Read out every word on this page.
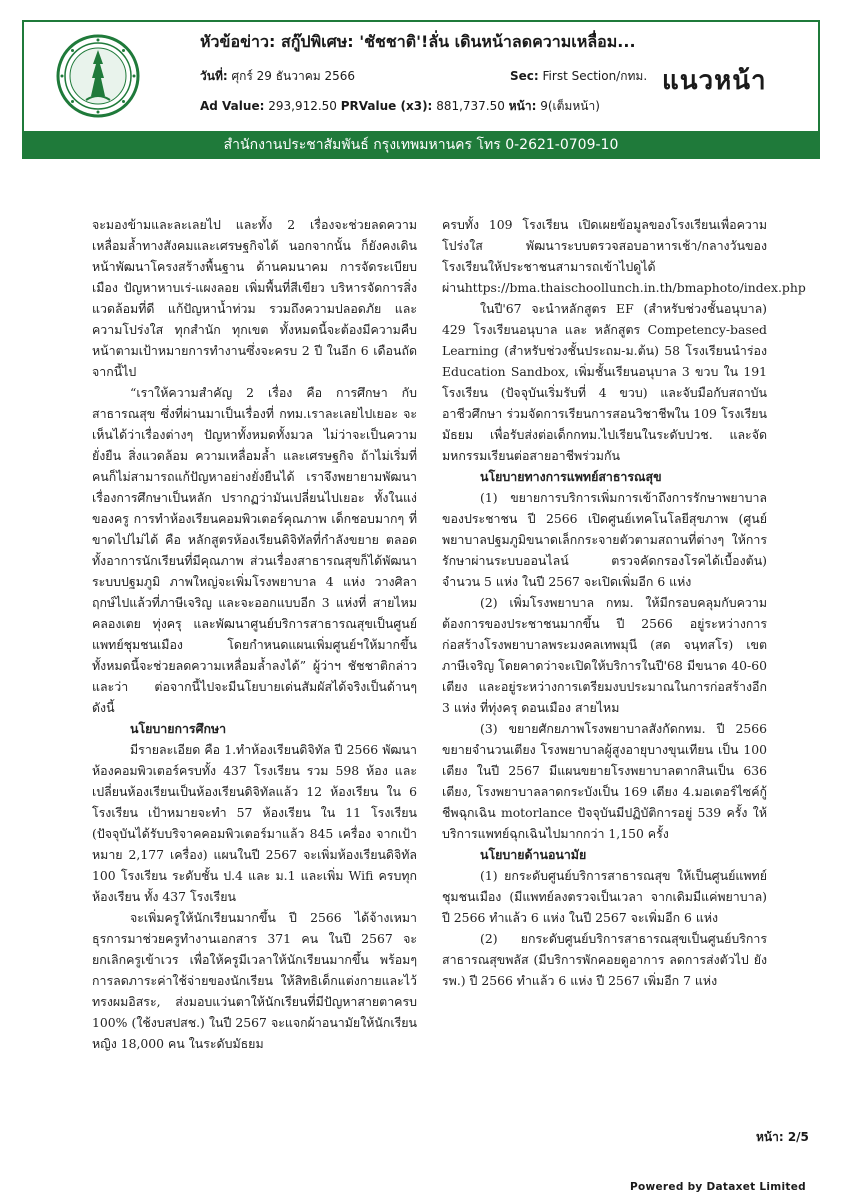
หัวข้อข่าว: สกู๊ปพิเศษ: 'ชัชชาติ'!ลั่น เดินหน้าลดความเหลื่อม...
วันที่: ศุกร์ 29 ธันวาคม 2566	Sec: First Section/กทม.
Ad Value: 293,912.50 PRValue (x3): 881,737.50 หน้า: 9(เต็มหน้า)
แนวหน้า
สำนักงานประชาสัมพันธ์ กรุงเทพมหานคร โทร 0-2621-0709-10

จะมองข้ามและละเลยไป และทั้ง 2 เรื่องจะช่วยลดความเหลื่อมล้ำทางสังคมและเศรษฐกิจได้ นอกจากนั้น ก็ยังคงเดินหน้าพัฒนาโครงสร้างพื้นฐาน ด้านคมนาคม การจัดระเบียบเมือง ปัญหาหาบเร่-แผงลอย เพิ่มพื้นที่สีเขียว บริหารจัดการสิ่งแวดล้อมที่ดี แก้ปัญหาน้ำท่วม รวมถึงความปลอดภัย และความโปร่งใส ทุกสำนัก ทุกเขต ทั้งหมดนี้จะต้องมีความคืบหน้าตามเป้าหมายการทำงานซึ่งจะครบ 2 ปี ในอีก 6 เดือนถัดจากนี้ไป

“เราให้ความสำคัญ 2 เรื่อง คือ การศึกษา กับสาธารณสุข ซึ่งที่ผ่านมาเป็นเรื่องที่ กทม.เราละเลยไปเยอะ จะเห็นได้ว่าเรื่องต่างๆ ปัญหาทั้งหมดทั้งมวล ไม่ว่าจะเป็นความยั่งยืน สิ่งแวดล้อม ความเหลื่อมล้ำ และเศรษฐกิจ ถ้าไม่เริ่มที่คนก็ไม่สามารถแก้ปัญหาอย่างยั่งยืนได้ เราจึงพยายามพัฒนาเรื่องการศึกษาเป็นหลัก ปรากฏว่ามันเปลี่ยนไปเยอะ ทั้งในแง่ของครู การทำห้องเรียนคอมพิวเตอร์คุณภาพ เด็กชอบมากๆ ที่ขาดไปไม่ได้ คือ หลักสูตรห้องเรียนดิจิทัลที่กำลังขยาย ตลอดทั้งอาการนักเรียนที่มีคุณภาพ ส่วนเรื่องสาธารณสุขก็ได้พัฒนาระบบปฐมภูมิ ภาพใหญ่จะเพิ่มโรงพยาบาล 4 แห่ง วางศิลาฤกษ์ไปแล้วที่ภาษีเจริญ และจะออกแบบอีก 3 แห่งที่ สายไหม คลองเตย ทุ่งครุ และพัฒนาศูนย์บริการสาธารณสุขเป็นศูนย์แพทย์ชุมชนเมือง โดยกำหนดแผนเพิ่มศูนย์ฯให้มากขึ้น ทั้งหมดนี้จะช่วยลดความเหลื่อมล้ำลงได้” ผู้ว่าฯ ชัชชาติกล่าวและว่า ต่อจากนี้ไปจะมีนโยบายเด่นสัมผัสได้จริงเป็นด้านๆ ดังนี้

นโยบายการศึกษา

มีรายละเอียด คือ 1.ทำห้องเรียนดิจิทัล ปี 2566 พัฒนาห้องคอมพิวเตอร์ครบทั้ง 437 โรงเรียน รวม 598 ห้อง และเปลี่ยนห้องเรียนเป็นห้องเรียนดิจิทัลแล้ว 12 ห้องเรียน ใน 6 โรงเรียน เป้าหมายจะทำ 57 ห้องเรียน ใน 11 โรงเรียน (ปัจจุบันได้รับบริจาคคอมพิวเตอร์มาแล้ว 845 เครื่อง จากเป้าหมาย 2,177 เครื่อง) แผนในปี 2567 จะเพิ่มห้องเรียนดิจิทัล 100 โรงเรียน ระดับชั้น ป.4 และ ม.1 และเพิ่ม Wifi ครบทุกห้องเรียน ทั้ง 437 โรงเรียน

จะเพิ่มครูให้นักเรียนมากขึ้น ปี 2566 ได้จ้างเหมาธุรการมาช่วยครูทำงานเอกสาร 371 คน ในปี 2567 จะยกเลิกครูเข้าเวร เพื่อให้ครูมีเวลาให้นักเรียนมากขึ้น พร้อมๆ การลดภาระค่าใช้จ่ายของนักเรียน ให้สิทธิเด็กแต่งกายและไว้ทรงผมอิสระ, ส่งมอบแว่นตาให้นักเรียนที่มีปัญหาสายตาครบ 100% (ใช้งบสปสช.) ในปี 2567 จะแจกผ้าอนามัยให้นักเรียนหญิง 18,000 คน ในระดับมัธยม

ครบทั้ง 109 โรงเรียน เปิดเผยข้อมูลของโรงเรียนเพื่อความโปร่งใส พัฒนาระบบตรวจสอบอาหารเช้า/กลางวันของโรงเรียนให้ประชาชนสามารถเข้าไปดูได้ ผ่านhttps://bma.thaischoollunch.in.th/bmaphoto/index.php

ในปี'67 จะนำหลักสูตร EF (สำหรับช่วงชั้นอนุบาล) 429 โรงเรียนอนุบาล และ หลักสูตร Competency-based Learning (สำหรับช่วงชั้นประถม-ม.ต้น) 58 โรงเรียนนำร่อง Education Sandbox, เพิ่มชั้นเรียนอนุบาล 3 ขวบ ใน 191 โรงเรียน (ปัจจุบันเริ่มรับที่ 4 ขวบ) และจับมือกับสถาบันอาชีวศึกษา ร่วมจัดการเรียนการสอนวิชาชีพใน 109 โรงเรียนมัธยม เพื่อรับส่งต่อเด็กกทม.ไปเรียนในระดับปวช. และจัดมหกรรมเรียนต่อสายอาชีพร่วมกัน

นโยบายทางการแพทย์สาธารณสุข

(1) ขยายการบริการเพิ่มการเข้าถึงการรักษาพยาบาลของประชาชน ปี 2566 เปิดศูนย์เทคโนโลยีสุขภาพ (ศูนย์พยาบาลปฐมภูมิขนาดเล็กกระจายตัวตามสถานที่ต่างๆ ให้การรักษาผ่านระบบออนไลน์ ตรวจคัดกรองโรคได้เบื้องต้น) จำนวน 5 แห่ง ในปี 2567 จะเปิดเพิ่มอีก 6 แห่ง

(2) เพิ่มโรงพยาบาล กทม. ให้มีกรอบคลุมกับความต้องการของประชาชนมากขึ้น ปี 2566 อยู่ระหว่างการก่อสร้างโรงพยาบาลพระมงคลเทพมุนี (สด จนฺทสโร) เขตภาษีเจริญ โดยคาดว่าจะเปิดให้บริการในปี'68 มีขนาด 40-60 เตียง และอยู่ระหว่างการเตรียมงบประมาณในการก่อสร้างอีก 3 แห่ง ที่ทุ่งครุ ดอนเมือง สายไหม

(3) ขยายศักยภาพโรงพยาบาลสังกัดกทม. ปี 2566 ขยายจำนวนเตียง โรงพยาบาลผู้สูงอายุบางขุนเทียน เป็น 100 เตียง ในปี 2567 มีแผนขยายโรงพยาบาลตากสินเป็น 636 เตียง, โรงพยาบาลลาดกระบังเป็น 169 เตียง 4.มอเตอร์ไซค์กู้ชีพฉุกเฉิน motorlance ปัจจุบันมีปฏิบัติการอยู่ 539 ครั้ง ให้บริการแพทย์ฉุกเฉินไปมากกว่า 1,150 ครั้ง

นโยบายด้านอนามัย

(1) ยกระดับศูนย์บริการสาธารณสุข ให้เป็นศูนย์แพทย์ชุมชนเมือง (มีแพทย์ลงตรวจเป็นเวลา จากเดิมมีแค่พยาบาล) ปี 2566 ทำแล้ว 6 แห่ง ในปี 2567 จะเพิ่มอีก 6 แห่ง

(2) ยกระดับศูนย์บริการสาธารณสุขเป็นศูนย์บริการสาธารณสุขพลัส (มีบริการพักคอยดูอาการ ลดการส่งตัวไป ยัง รพ.) ปี 2566 ทำแล้ว 6 แห่ง ปี 2567 เพิ่มอีก 7 แห่ง

หน้า: 2/5
Powered by Dataxet Limited
